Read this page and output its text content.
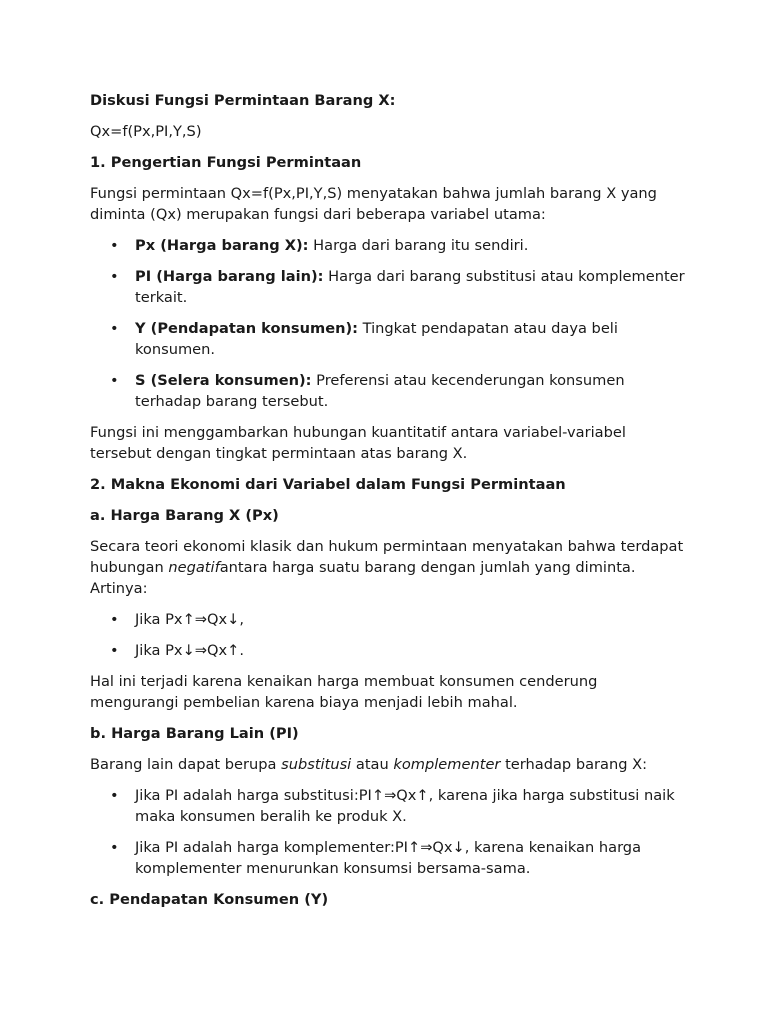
Diskusi Fungsi Permintaan Barang X:

Qx=f(Px,PI,Y,S)

1. Pengertian Fungsi Permintaan

Fungsi permintaan Qx=f(Px,PI,Y,S) menyatakan bahwa jumlah barang X yang diminta (Qx) merupakan fungsi dari beberapa variabel utama:

• Px (Harga barang X): Harga dari barang itu sendiri.
• PI (Harga barang lain): Harga dari barang substitusi atau komplementer terkait.
• Y (Pendapatan konsumen): Tingkat pendapatan atau daya beli konsumen.
• S (Selera konsumen): Preferensi atau kecenderungan konsumen terhadap barang tersebut.

Fungsi ini menggambarkan hubungan kuantitatif antara variabel-variabel tersebut dengan tingkat permintaan atas barang X.

2. Makna Ekonomi dari Variabel dalam Fungsi Permintaan

a. Harga Barang X (Px)

Secara teori ekonomi klasik dan hukum permintaan menyatakan bahwa terdapat hubungan negatifantara harga suatu barang dengan jumlah yang diminta. Artinya:

• Jika Px↑⇒Qx↓,
• Jika Px↓⇒Qx↑.

Hal ini terjadi karena kenaikan harga membuat konsumen cenderung mengurangi pembelian karena biaya menjadi lebih mahal.

b. Harga Barang Lain (PI)

Barang lain dapat berupa substitusi atau komplementer terhadap barang X:

• Jika PI adalah harga substitusi:PI↑⇒Qx↑, karena jika harga substitusi naik maka konsumen beralih ke produk X.
• Jika PI adalah harga komplementer:PI↑⇒Qx↓, karena kenaikan harga komplementer menurunkan konsumsi bersama-sama.

c. Pendapatan Konsumen (Y)
